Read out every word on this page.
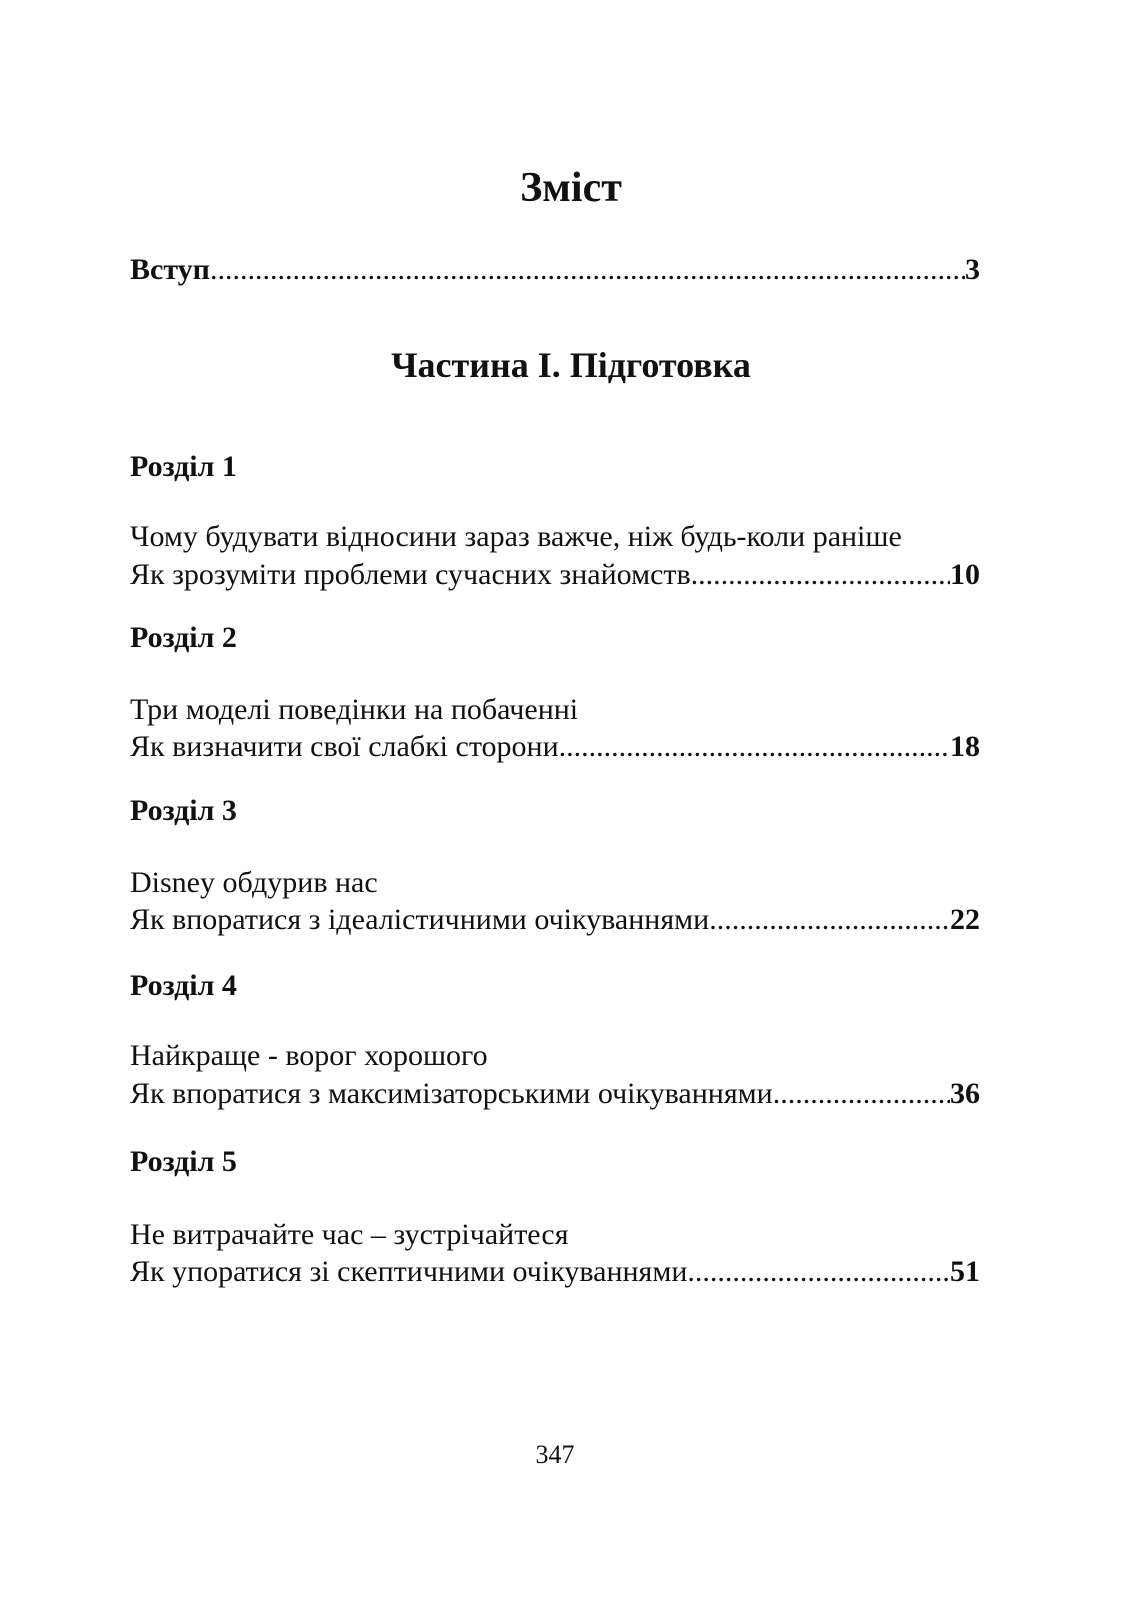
Зміст
Вступ .....	3
Частина І. Підготовка
Розділ 1
Чому будувати відносини зараз важче, ніж будь-коли раніше
Як зрозуміти проблеми сучасних знайомств .....	10
Розділ 2
Три моделі поведінки на побаченні
Як визначити свої слабкі сторони .....	18
Розділ 3
Disney обдурив нас
Як впоратися з ідеалістичними очікуваннями .....	22
Розділ 4
Найкраще - ворог хорошого
Як впоратися з максимізаторськими очікуваннями .....	36
Розділ 5
Не витрачайте час – зустрічайтеся
Як упоратися зі скептичними очікуваннями .....	51
347
